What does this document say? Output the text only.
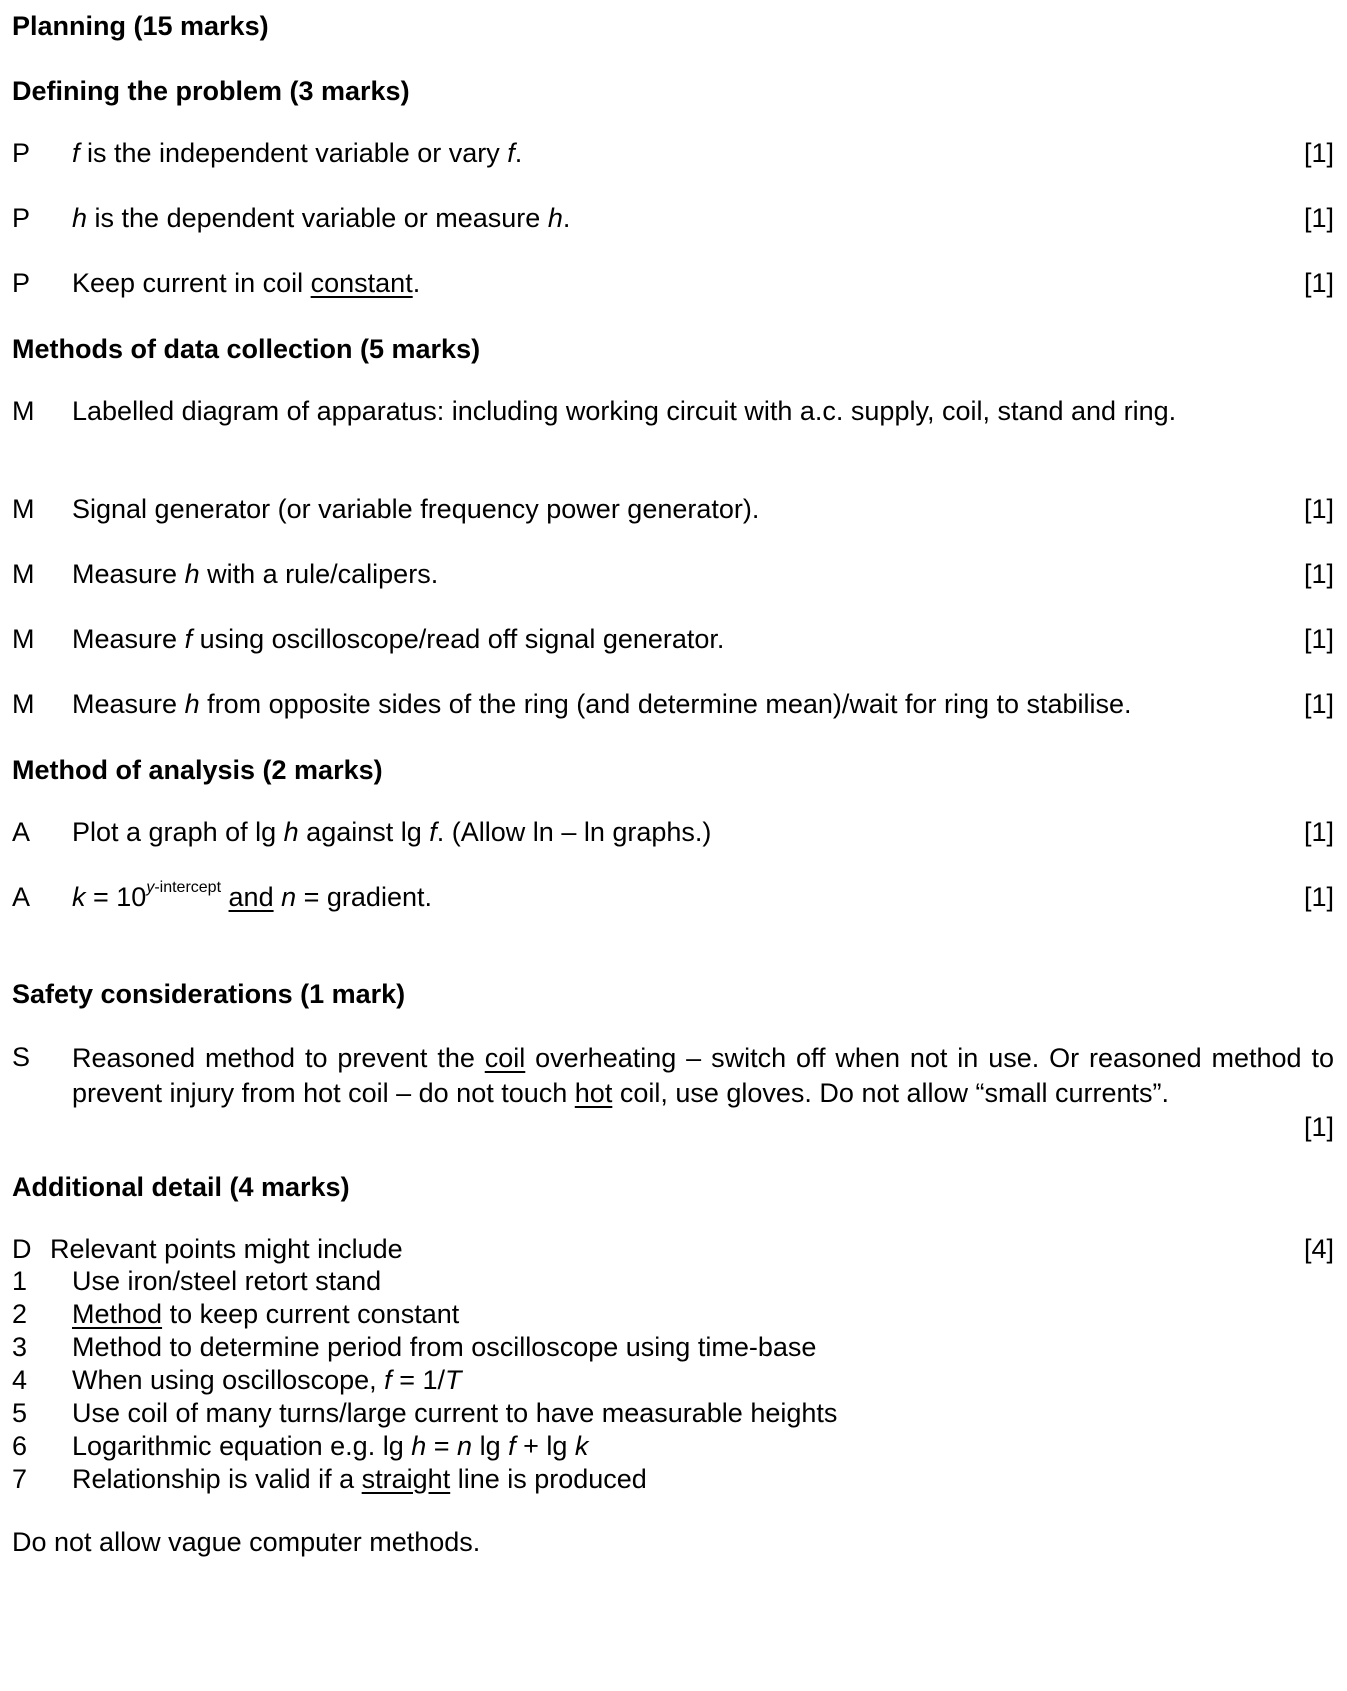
Planning (15 marks)
Defining the problem (3 marks)
P	f is the independent variable or vary f.	[1]
P	h is the dependent variable or measure h.	[1]
P	Keep current in coil constant.	[1]
Methods of data collection (5 marks)
M	Labelled diagram of apparatus: including working circuit with a.c. supply, coil, stand and ring.
M	Signal generator (or variable frequency power generator).	[1]
M	Measure h with a rule/calipers.	[1]
M	Measure f using oscilloscope/read off signal generator.	[1]
M	Measure h from opposite sides of the ring (and determine mean)/wait for ring to stabilise.	[1]
Method of analysis (2 marks)
A	Plot a graph of lg h against lg f. (Allow ln – ln graphs.)	[1]
A	$k = 10^{y-intercept}$ and n = gradient.	[1]
Safety considerations (1 mark)
S	Reasoned method to prevent the coil overheating – switch off when not in use. Or reasoned method to prevent injury from hot coil – do not touch hot coil, use gloves. Do not allow “small currents”.
[1]
Additional detail (4 marks)
D Relevant points might include	[4]
1 Use iron/steel retort stand
2 Method to keep current constant
3 Method to determine period from oscilloscope using time-base
4 When using oscilloscope, f = 1/T
5 Use coil of many turns/large current to have measurable heights
6 Logarithmic equation e.g. lg h = n lg f + lg k
7 Relationship is valid if a straight line is produced
Do not allow vague computer methods.
